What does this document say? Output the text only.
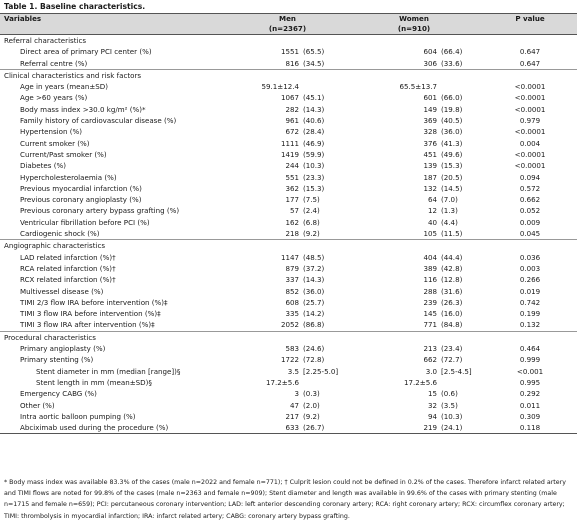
Table 1. Baseline characteristics.
Variables	Men		Women		P value
	(n=2367)		(n=910)		
Referral characteristics					
Direct area of primary PCI center (%)	1551	(65.5)	604	(66.4)	0.647
Referral centre (%)	816	(34.5)	306	(33.6)	0.647
Clinical characteristics and risk factors					
Age in years (mean±SD)	59.1±12.4		65.5±13.7		<0.0001
Age >60 years (%)	1067	(45.1)	601	(66.0)	<0.0001
Body mass index >30.0 kg/m² (%)*	282	(14.3)	149	(19.8)	<0.0001
Family history of cardiovascular disease (%)	961	(40.6)	369	(40.5)	0.979
Hypertension (%)	672	(28.4)	328	(36.0)	<0.0001
Current smoker (%)	1111	(46.9)	376	(41.3)	0.004
Current/Past smoker (%)	1419	(59.9)	451	(49.6)	<0.0001
Diabetes (%)	244	(10.3)	139	(15.3)	<0.0001
Hypercholesterolaemia (%)	551	(23.3)	187	(20.5)	0.094
Previous myocardial infarction (%)	362	(15.3)	132	(14.5)	0.572
Previous coronary angioplasty (%)	177	(7.5)	64	(7.0)	0.662
Previous coronary artery bypass grafting (%)	57	(2.4)	12	(1.3)	0.052
Ventricular fibrillation before PCI (%)	162	(6.8)	40	(4.4)	0.009
Cardiogenic shock (%)	218	(9.2)	105	(11.5)	0.045
Angiographic characteristics					
LAD related infarction (%)†	1147	(48.5)	404	(44.4)	0.036
RCA related infarction (%)†	879	(37.2)	389	(42.8)	0.003
RCX related infarction (%)†	337	(14.3)	116	(12.8)	0.266
Multivessel disease (%)	852	(36.0)	288	(31.6)	0.019
TIMI 2/3 flow IRA before intervention (%)‡	608	(25.7)	239	(26.3)	0.742
TIMI 3 flow IRA before intervention (%)‡	335	(14.2)	145	(16.0)	0.199
TIMI 3 flow IRA after intervention (%)‡	2052	(86.8)	771	(84.8)	0.132
Procedural characteristics					
Primary angioplasty (%)	583	(24.6)	213	(23.4)	0.464
Primary stenting (%)	1722	(72.8)	662	(72.7)	0.999
Stent diameter in mm (median [range])§	3.5	[2.25-5.0]	3.0	[2.5-4.5]	<0.001
Stent length in mm (mean±SD)§	17.2±5.6		17.2±5.6		0.995
Emergency CABG (%)	3	(0.3)	15	(0.6)	0.292
Other (%)	47	(2.0)	32	(3.5)	0.011
Intra aortic balloon pumping (%)	217	(9.2)	94	(10.3)	0.309
Abciximab used during the procedure (%)	633	(26.7)	219	(24.1)	0.118
* Body mass index was available 83.3% of the cases (male n=2022 and female n=771); † Culprit lesion could not be defined in 0.2% of the cases. Therefore infarct related artery and TIMI flows are noted for 99.8% of the cases (male n=2363 and female n=909); Stent diameter and length was available in 99.6% of the cases with primary stenting (male n=1715 and female n=659); PCI: percutaneous coronary intervention; LAD: left anterior descending coronary artery; RCA: right coronary artery; RCX: circumflex coronary artery; TIMI: thrombolysis in myocardial infarction; IRA: infarct related artery; CABG: coronary artery bypass grafting.
